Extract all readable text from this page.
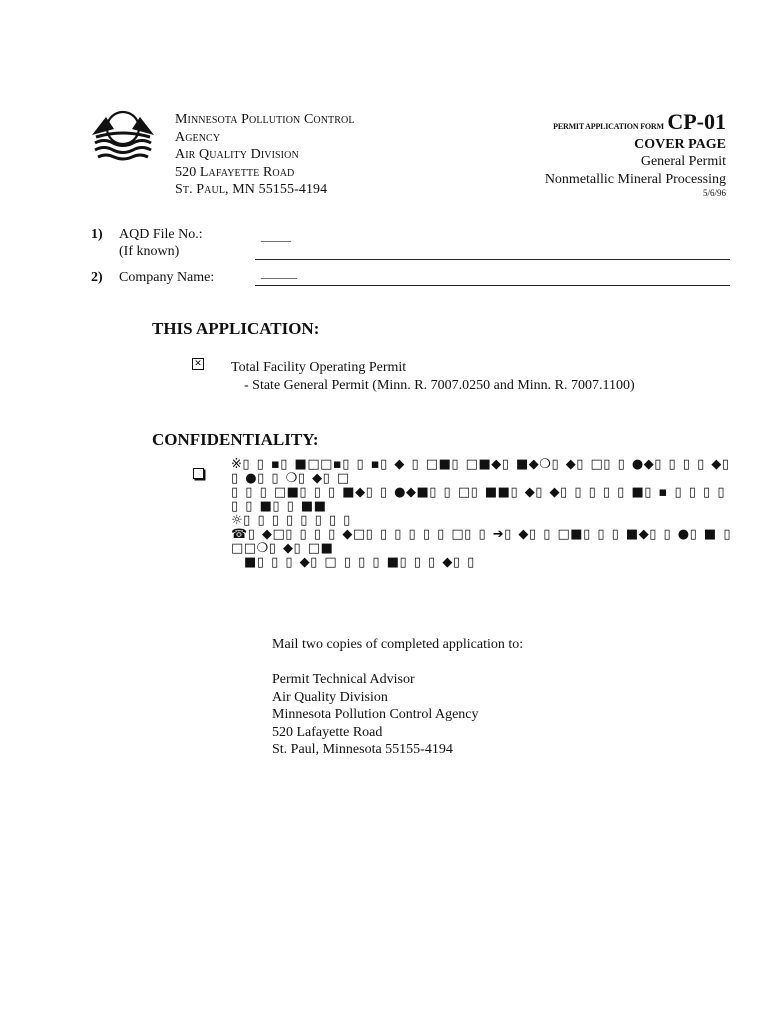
Minnesota Pollution Control
Agency
Air Quality Division
520 Lafayette Road
St. Paul, MN 55155-4194
PERMIT APPLICATION FORM CP-01
COVER PAGE
General Permit
Nonmetallic Mineral Processing
5/6/96
1) AQD File No.:
(If known)
_____
2) Company Name:	______
THIS APPLICATION:
✕ Total Facility Operating Permit
- State General Permit (Minn. R. 7007.0250 and Minn. R. 7007.1100)
CONFIDENTIALITY:
※▯ ▯ ▪▯ ■□□▪▯ ▯ ▪▯ ◆ ▯ □■▯ □■◆▯ ■◆❍▯ ◆▯ □▯ ▯ ●◆▯ ▯ ▯ ▯ ◆▯ ▯ ●▯ ▯ ❍▯ ◆▯ □
▯ ▯ ▯ □■▯ ▯ ▯ ■◆▯ ▯ ●◆■▯ ▯ □▯ ■■▯ ◆▯ ◆▯ ▯ ▯ ▯ ▯ ■▯ ▪ ▯ ▯ ▯ ▯ ▯ ▯ ■▯ ▯ ■■
☼▯ ▯ ▯ ▯ ▯ ▯ ▯ ▯
☎▯ ◆□▯ ▯ ▯ ▯ ◆□▯ ▯ ▯ ▯ ▯ ▯ □▯ ▯ ➔▯ ◆▯ ▯ □■▯ ▯ ▯ ■◆▯ ▯ ●▯ ■ ▯ □□❍▯ ◆▯ □■
■▯ ▯ ▯ ◆▯ □ ▯ ▯ ▯ ■▯ ▯ ▯ ◆▯ ▯
Mail two copies of completed application to:
Permit Technical Advisor
Air Quality Division
Minnesota Pollution Control Agency
520 Lafayette Road
St. Paul, Minnesota 55155-4194
